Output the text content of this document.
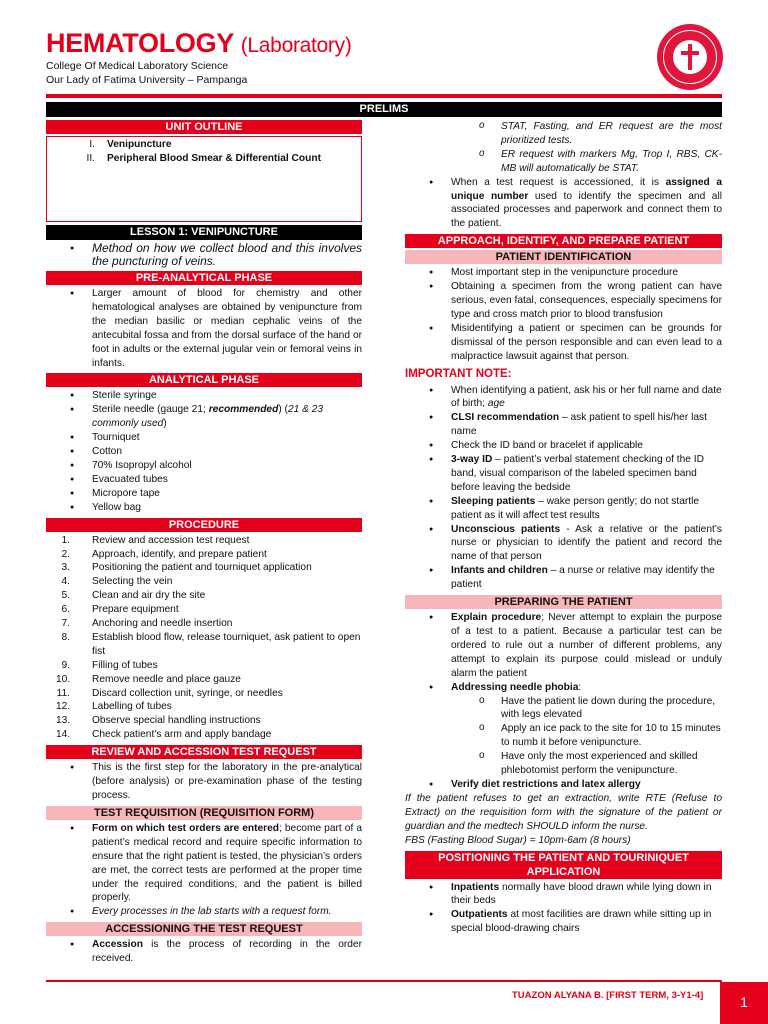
HEMATOLOGY (Laboratory)
College Of Medical Laboratory Science
Our Lady of Fatima University – Pampanga
PRELIMS
UNIT OUTLINE
I.	Venipuncture
II.	Peripheral Blood Smear & Differential Count
LESSON 1: VENIPUNCTURE
● Method on how we collect blood and this involves the puncturing of veins.
PRE-ANALYTICAL PHASE
● Larger amount of blood for chemistry and other hematological analyses are obtained by venipuncture from the median basilic or median cephalic veins of the antecubital fossa and from the dorsal surface of the hand or foot in adults or the external jugular vein or femoral veins in infants.
ANALYTICAL PHASE
● Sterile syringe
● Sterile needle (gauge 21; recommended) (21 & 23 commonly used)
● Tourniquet
● Cotton
● 70% Isopropyl alcohol
● Evacuated tubes
● Micropore tape
● Yellow bag
PROCEDURE
1. Review and accession test request
2. Approach, identify, and prepare patient
3. Positioning the patient and tourniquet application
4. Selecting the vein
5. Clean and air dry the site
6. Prepare equipment
7. Anchoring and needle insertion
8. Establish blood flow, release tourniquet, ask patient to open fist
9. Filling of tubes
10. Remove needle and place gauze
11. Discard collection unit, syringe, or needles
12. Labelling of tubes
13. Observe special handling instructions
14. Check patient’s arm and apply bandage
REVIEW AND ACCESSION TEST REQUEST
● This is the first step for the laboratory in the pre-analytical (before analysis) or pre-examination phase of the testing process.
TEST REQUISITION (REQUISITION FORM)
● Form on which test orders are entered; become part of a patient’s medical record and require specific information to ensure that the right patient is tested, the physician’s orders are met, the correct tests are performed at the proper time under the required conditions, and the patient is billed properly.
● Every processes in the lab starts with a request form.
ACCESSIONING THE TEST REQUEST
● Accession is the process of recording in the order received.
o STAT, Fasting, and ER request are the most prioritized tests.
o ER request with markers Mg, Trop I, RBS, CK-MB will automatically be STAT.
● When a test request is accessioned, it is assigned a unique number used to identify the specimen and all associated processes and paperwork and connect them to the patient.
APPROACH, IDENTIFY, AND PREPARE PATIENT
PATIENT IDENTIFICATION
● Most important step in the venipuncture procedure
● Obtaining a specimen from the wrong patient can have serious, even fatal, consequences, especially specimens for type and cross match prior to blood transfusion
● Misidentifying a patient or specimen can be grounds for dismissal of the person responsible and can even lead to a malpractice lawsuit against that person.
IMPORTANT NOTE:
● When identifying a patient, ask his or her full name and date of birth; age
● CLSI recommendation – ask patient to spell his/her last name
● Check the ID band or bracelet if applicable
● 3-way ID – patient’s verbal statement checking of the ID band, visual comparison of the labeled specimen band before leaving the bedside
● Sleeping patients – wake person gently; do not startle patient as it will affect test results
● Unconscious patients - Ask a relative or the patient’s nurse or physician to identify the patient and record the name of that person
● Infants and children – a nurse or relative may identify the patient
PREPARING THE PATIENT
● Explain procedure; Never attempt to explain the purpose of a test to a patient. Because a particular test can be ordered to rule out a number of different problems, any attempt to explain its purpose could mislead or unduly alarm the patient
● Addressing needle phobia:
o Have the patient lie down during the procedure, with legs elevated
o Apply an ice pack to the site for 10 to 15 minutes to numb it before venipuncture.
o Have only the most experienced and skilled phlebotomist perform the venipuncture.
● Verify diet restrictions and latex allergy
If the patient refuses to get an extraction, write RTE (Refuse to Extract) on the requisition form with the signature of the patient or guardian and the medtech SHOULD inform the nurse.
FBS (Fasting Blood Sugar) = 10pm-6am (8 hours)
POSITIONING THE PATIENT AND TOURINIQUET APPLICATION
● Inpatients normally have blood drawn while lying down in their beds
● Outpatients at most facilities are drawn while sitting up in special blood-drawing chairs
TUAZON ALYANA B. [FIRST TERM, 3-Y1-4]	1
